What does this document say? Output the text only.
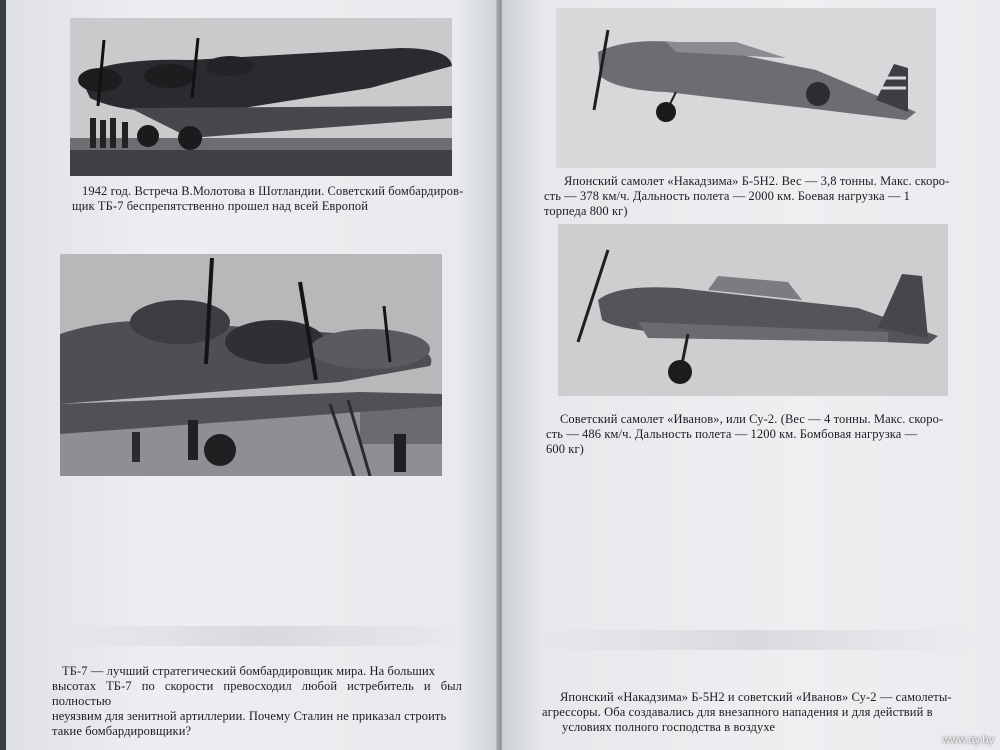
1942 год. Встреча В.Молотова в Шотландии. Советский бомбардиров-
щик ТБ-7 беспрепятственно прошел над всей Европой
ТБ-7 — лучший стратегический бомбардировщик мира. На больших
высотах ТБ-7 по скорости превосходил любой истребитель и был полностью
неуязвим для зенитной артиллерии. Почему Сталин не приказал строить
такие бомбардировщики?
Японский самолет «Накадзима» Б-5Н2. Вес — 3,8 тонны. Макс. скоро-
сть — 378 км/ч. Дальность полета — 2000 км. Боевая нагрузка — 1
торпеда 800 кг)
Советский самолет «Иванов», или Су-2. (Вес — 4 тонны. Макс. скоро-
сть — 486 км/ч. Дальность полета — 1200 км. Бомбовая нагрузка —
600 кг)
Японский «Накадзима» Б-5Н2 и советский «Иванов» Су-2 — самолеты-
агрессоры. Оба создавались для внезапного нападения и для действий в
условиях полного господства в воздухе
www.ay.by
